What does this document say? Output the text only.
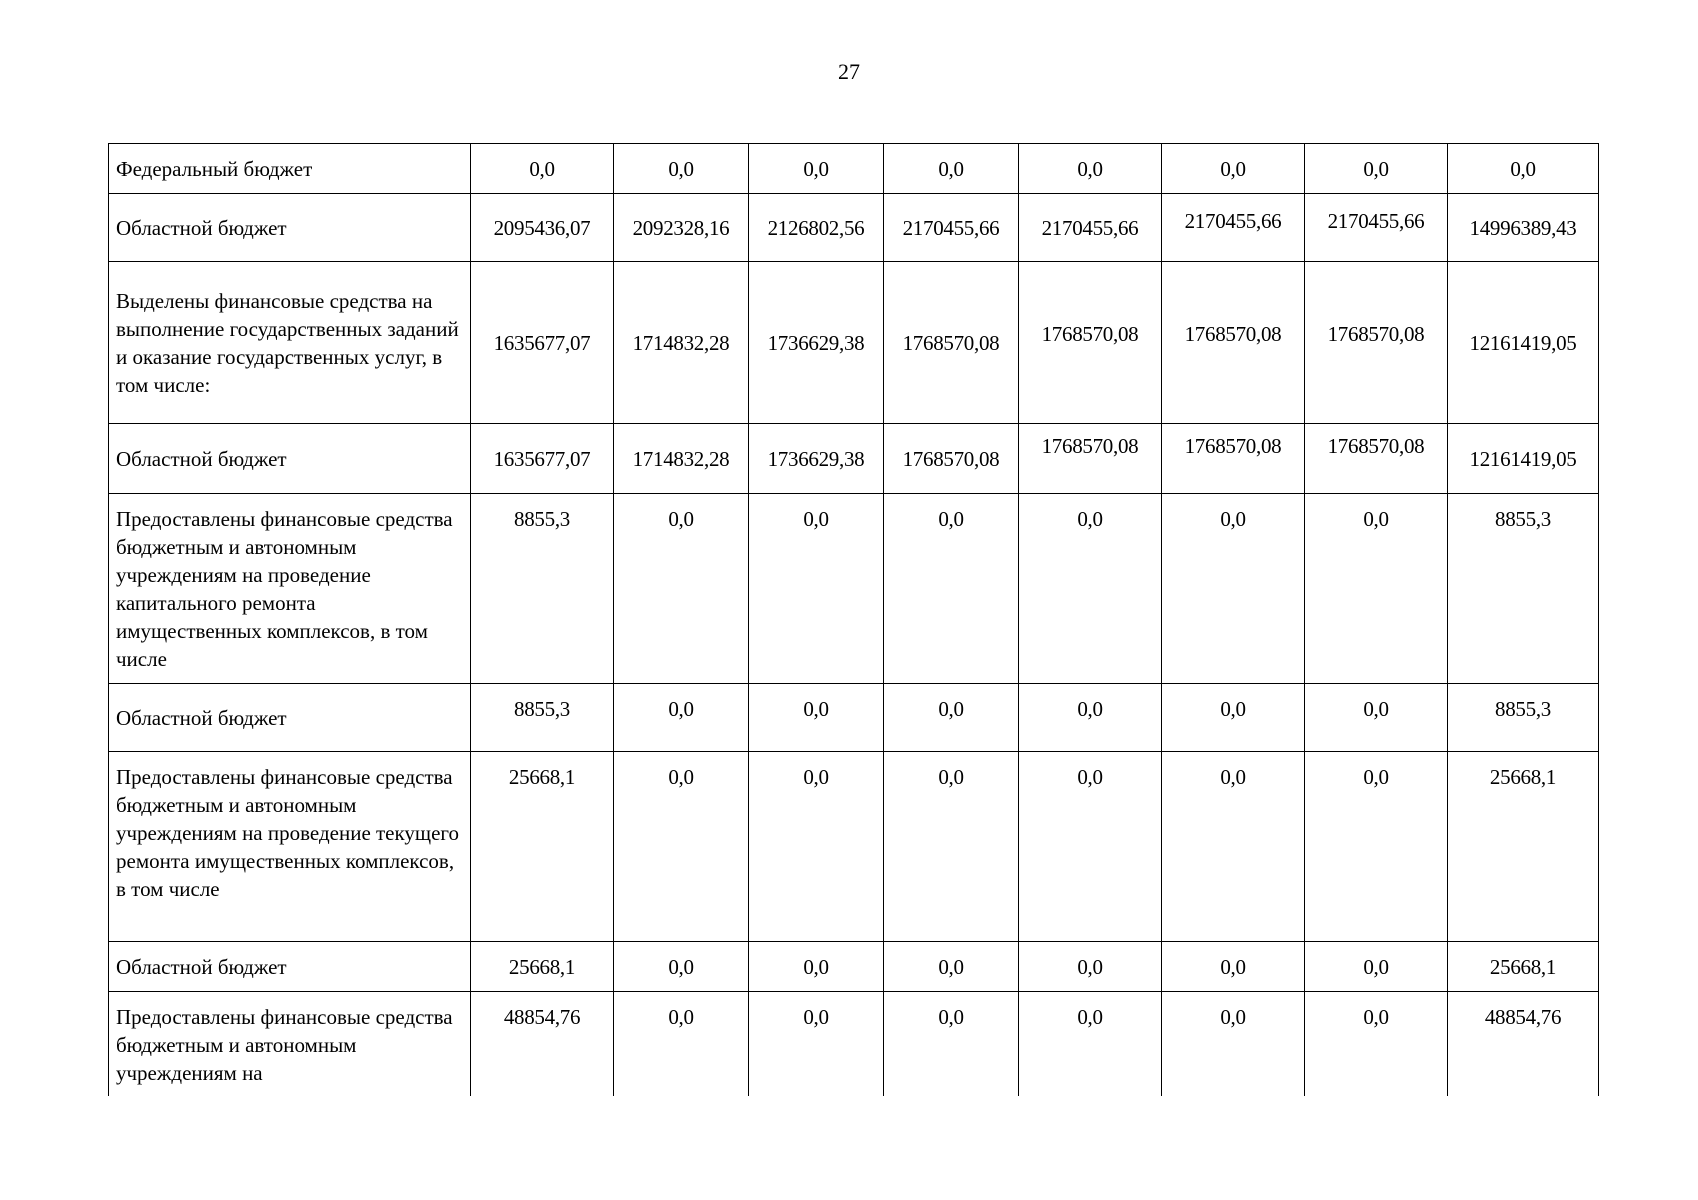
27
Федеральный бюджет	0,0	0,0	0,0	0,0	0,0	0,0	0,0	0,0
Областной бюджет	2095436,07	2092328,16	2126802,56	2170455,66	2170455,66	2170455,66	2170455,66	14996389,43
Выделены финансовые средства на выполнение государственных заданий и оказание государственных услуг, в том числе:	1635677,07	1714832,28	1736629,38	1768570,08	1768570,08	1768570,08	1768570,08	12161419,05
Областной бюджет	1635677,07	1714832,28	1736629,38	1768570,08	1768570,08	1768570,08	1768570,08	12161419,05
Предоставлены финансовые средства бюджетным и автономным учреждениям на проведение капитального ремонта имущественных комплексов, в том числе	8855,3	0,0	0,0	0,0	0,0	0,0	0,0	8855,3
Областной бюджет	8855,3	0,0	0,0	0,0	0,0	0,0	0,0	8855,3
Предоставлены финансовые средства бюджетным и автономным учреждениям на проведение текущего ремонта имущественных комплексов, в том числе	25668,1	0,0	0,0	0,0	0,0	0,0	0,0	25668,1
Областной бюджет	25668,1	0,0	0,0	0,0	0,0	0,0	0,0	25668,1
Предоставлены финансовые средства бюджетным и автономным учреждениям на	48854,76	0,0	0,0	0,0	0,0	0,0	0,0	48854,76
